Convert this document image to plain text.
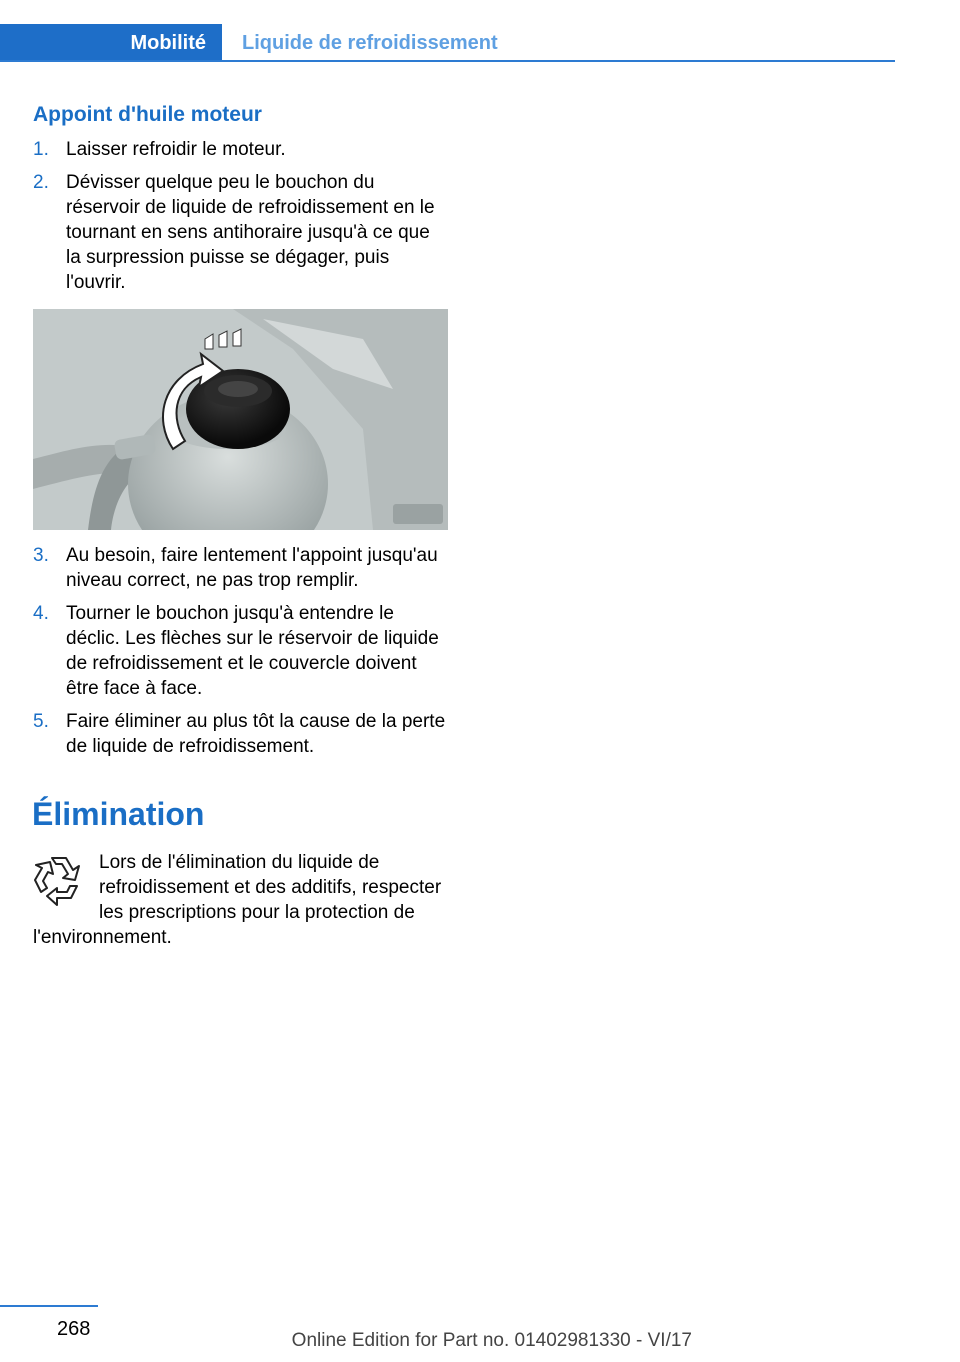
Mobilité	Liquide de refroidissement
Appoint d'huile moteur
1. Laisser refroidir le moteur.
2. Dévisser quelque peu le bouchon du réservoir de liquide de refroidissement en le tournant en sens antihoraire jusqu'à ce que la surpression puisse se dégager, puis l'ouvrir.
3. Au besoin, faire lentement l'appoint jusqu'au niveau correct, ne pas trop remplir.
4. Tourner le bouchon jusqu'à entendre le déclic. Les flèches sur le réservoir de liquide de refroidissement et le couvercle doivent être face à face.
5. Faire éliminer au plus tôt la cause de la perte de liquide de refroidissement.
Élimination
Lors de l'élimination du liquide de refroidissement et des additifs, respecter les prescriptions pour la protection de l'environnement.
268
Online Edition for Part no. 01402981330 - VI/17
